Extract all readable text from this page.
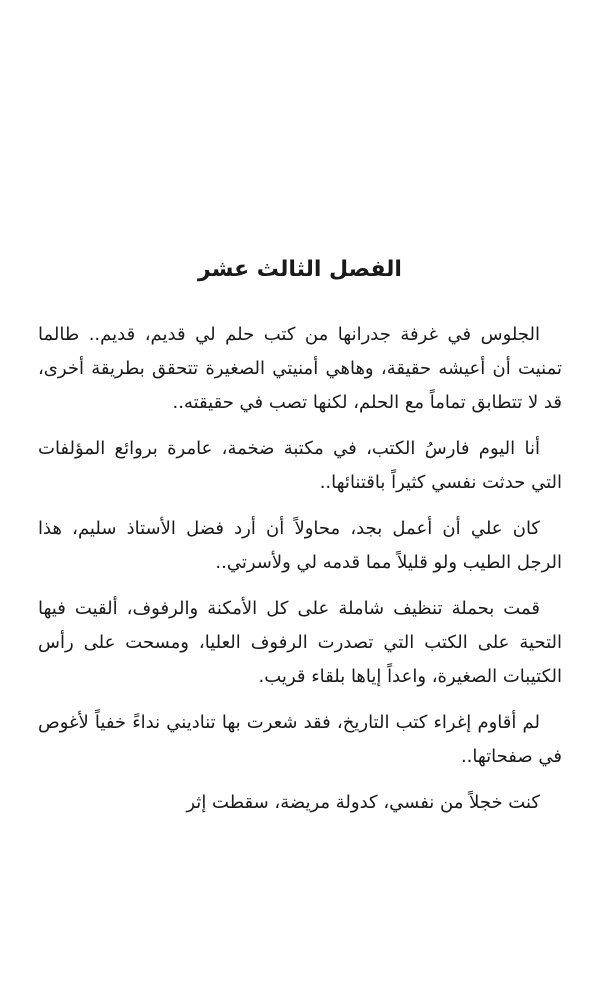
الفصل الثالث عشر

الجلوس في غرفة جدرانها من كتب حلم لي قديم، قديم.. طالما تمنيت أن أعيشه حقيقة، وهاهي أمنيتي الصغيرة تتحقق بطريقة أخرى، قد لا تتطابق تماماً مع الحلم، لكنها تصب في حقيقته..

أنا اليوم فارسُ الكتب، في مكتبة ضخمة، عامرة بروائع المؤلفات التي حدثت نفسي كثيراً باقتنائها..

كان علي أن أعمل بجد، محاولاً أن أرد فضل الأستاذ سليم، هذا الرجل الطيب ولو قليلاً مما قدمه لي ولأسرتي..

قمت بحملة تنظيف شاملة على كل الأمكنة والرفوف، ألقيت فيها التحية على الكتب التي تصدرت الرفوف العليا، ومسحت على رأس الكتيبات الصغيرة، واعداً إياها بلقاء قريب.

لم أقاوم إغراء كتب التاريخ، فقد شعرت بها تناديني نداءً خفياً لأغوص في صفحاتها..

كنت خجلاً من نفسي، كدولة مريضة، سقطت إثر
